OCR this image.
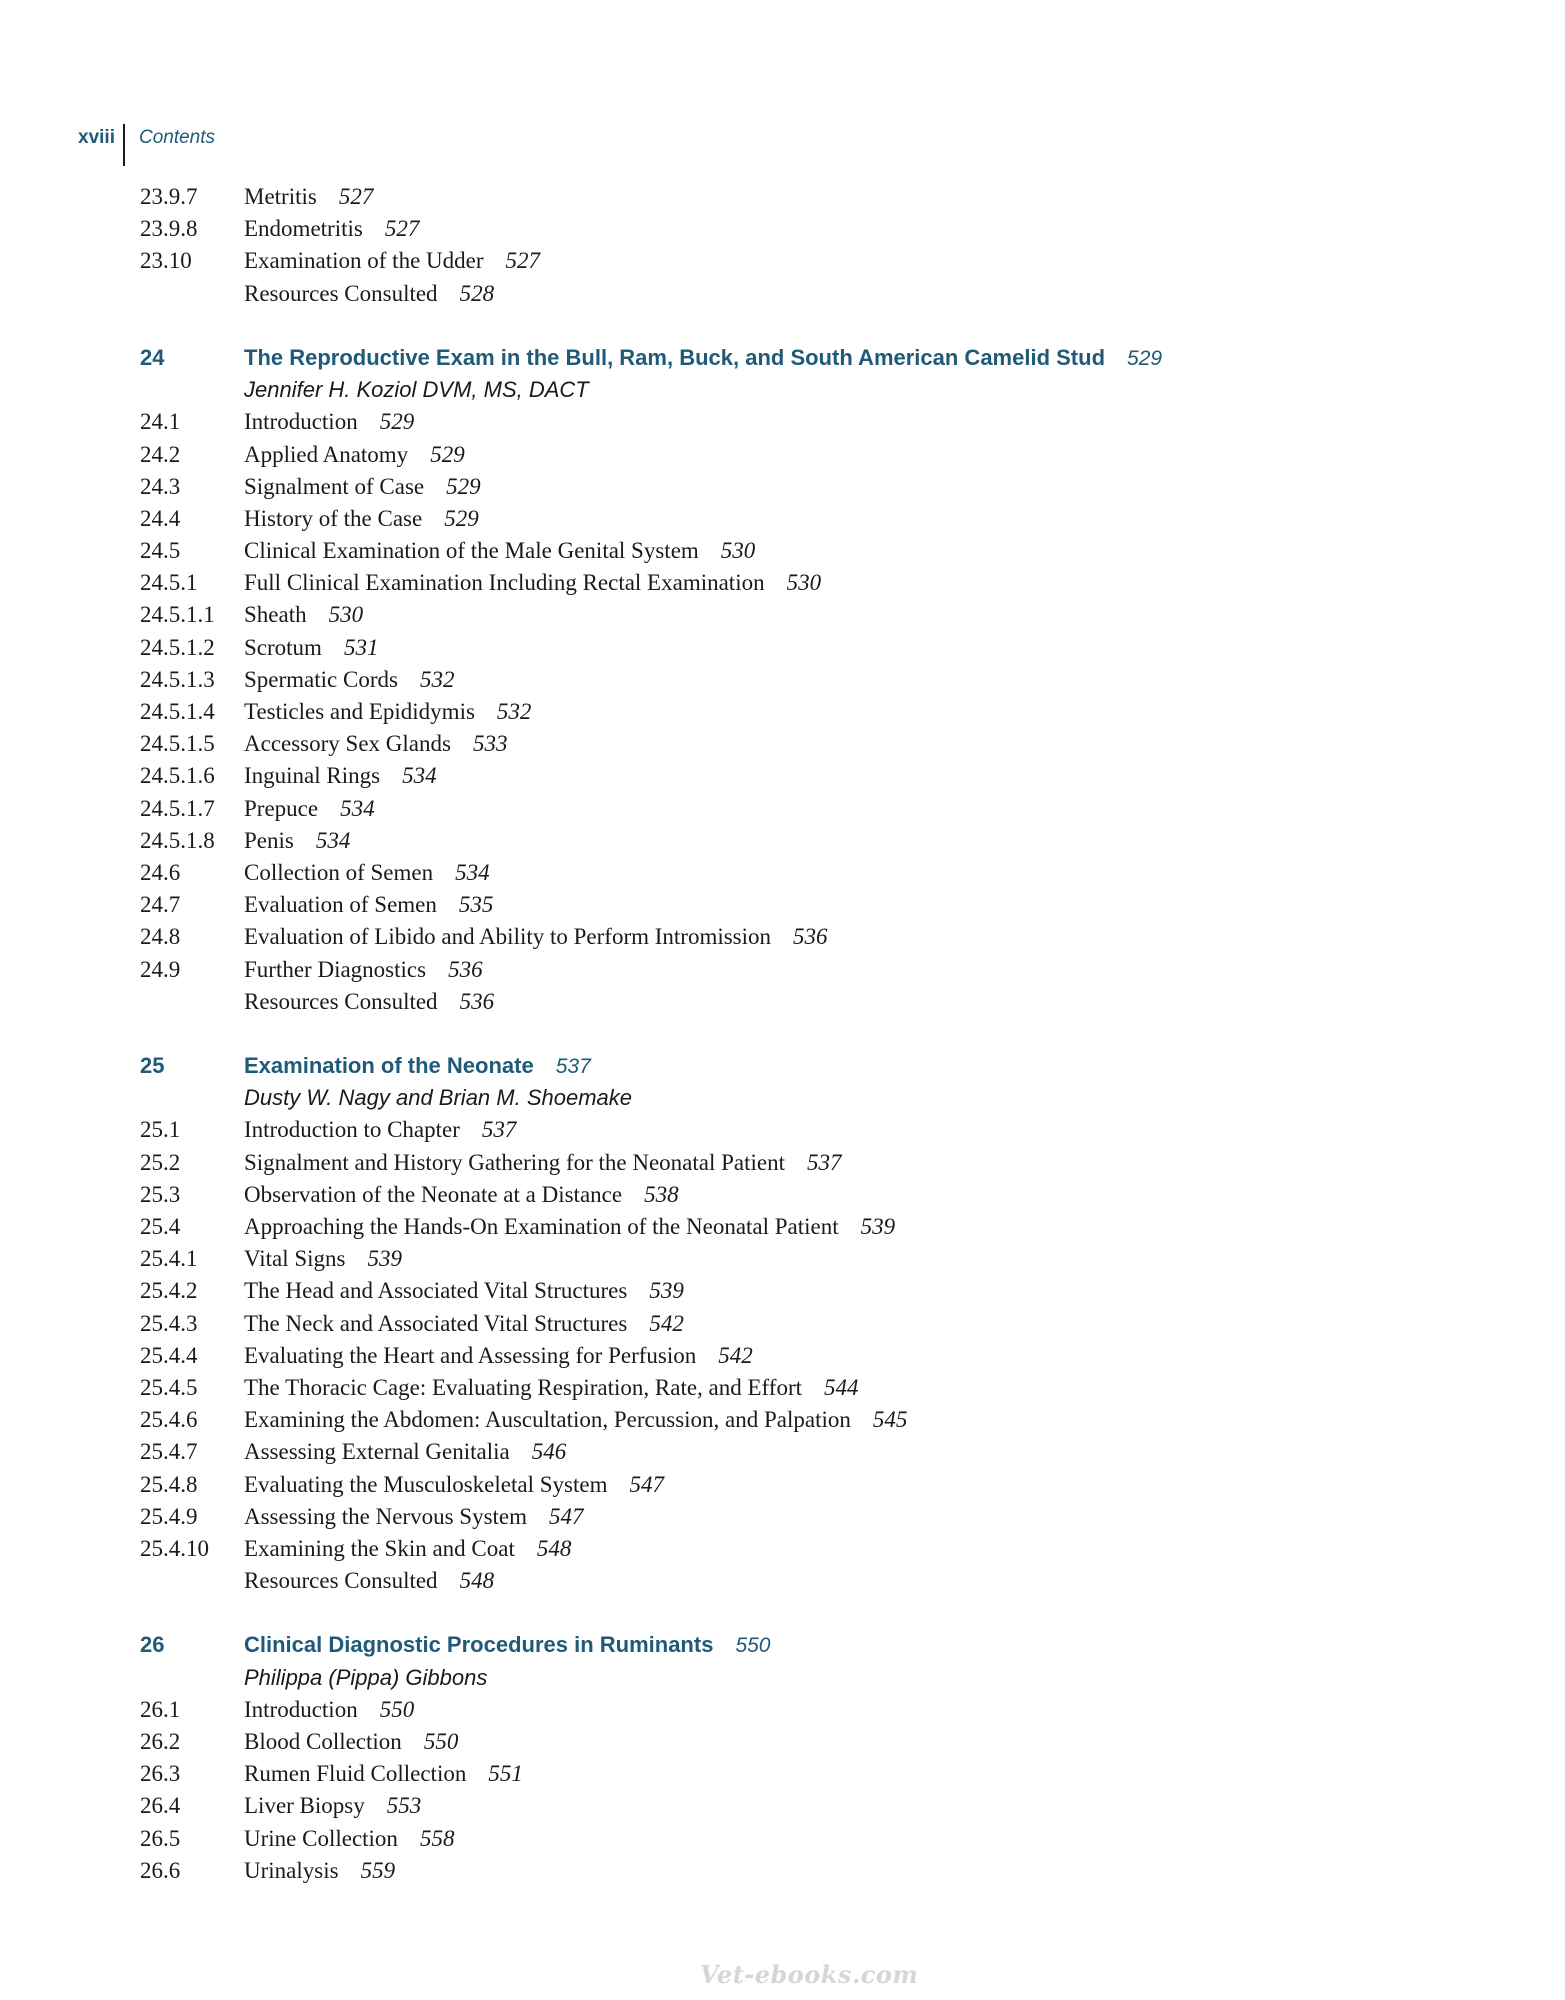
xviii	Contents
23.9.7	Metritis 527
23.9.8	Endometritis 527
23.10	Examination of the Udder 527
Resources Consulted 528
24	The Reproductive Exam in the Bull, Ram, Buck, and South American Camelid Stud 529
Jennifer H. Koziol DVM, MS, DACT
24.1	Introduction 529
24.2	Applied Anatomy 529
24.3	Signalment of Case 529
24.4	History of the Case 529
24.5	Clinical Examination of the Male Genital System 530
24.5.1	Full Clinical Examination Including Rectal Examination 530
24.5.1.1	Sheath 530
24.5.1.2	Scrotum 531
24.5.1.3	Spermatic Cords 532
24.5.1.4	Testicles and Epididymis 532
24.5.1.5	Accessory Sex Glands 533
24.5.1.6	Inguinal Rings 534
24.5.1.7	Prepuce 534
24.5.1.8	Penis 534
24.6	Collection of Semen 534
24.7	Evaluation of Semen 535
24.8	Evaluation of Libido and Ability to Perform Intromission 536
24.9	Further Diagnostics 536
Resources Consulted 536
25	Examination of the Neonate 537
Dusty W. Nagy and Brian M. Shoemake
25.1	Introduction to Chapter 537
25.2	Signalment and History Gathering for the Neonatal Patient 537
25.3	Observation of the Neonate at a Distance 538
25.4	Approaching the Hands-On Examination of the Neonatal Patient 539
25.4.1	Vital Signs 539
25.4.2	The Head and Associated Vital Structures 539
25.4.3	The Neck and Associated Vital Structures 542
25.4.4	Evaluating the Heart and Assessing for Perfusion 542
25.4.5	The Thoracic Cage: Evaluating Respiration, Rate, and Effort 544
25.4.6	Examining the Abdomen: Auscultation, Percussion, and Palpation 545
25.4.7	Assessing External Genitalia 546
25.4.8	Evaluating the Musculoskeletal System 547
25.4.9	Assessing the Nervous System 547
25.4.10	Examining the Skin and Coat 548
Resources Consulted 548
26	Clinical Diagnostic Procedures in Ruminants 550
Philippa (Pippa) Gibbons
26.1	Introduction 550
26.2	Blood Collection 550
26.3	Rumen Fluid Collection 551
26.4	Liver Biopsy 553
26.5	Urine Collection 558
26.6	Urinalysis 559
Vet-ebooks.com
